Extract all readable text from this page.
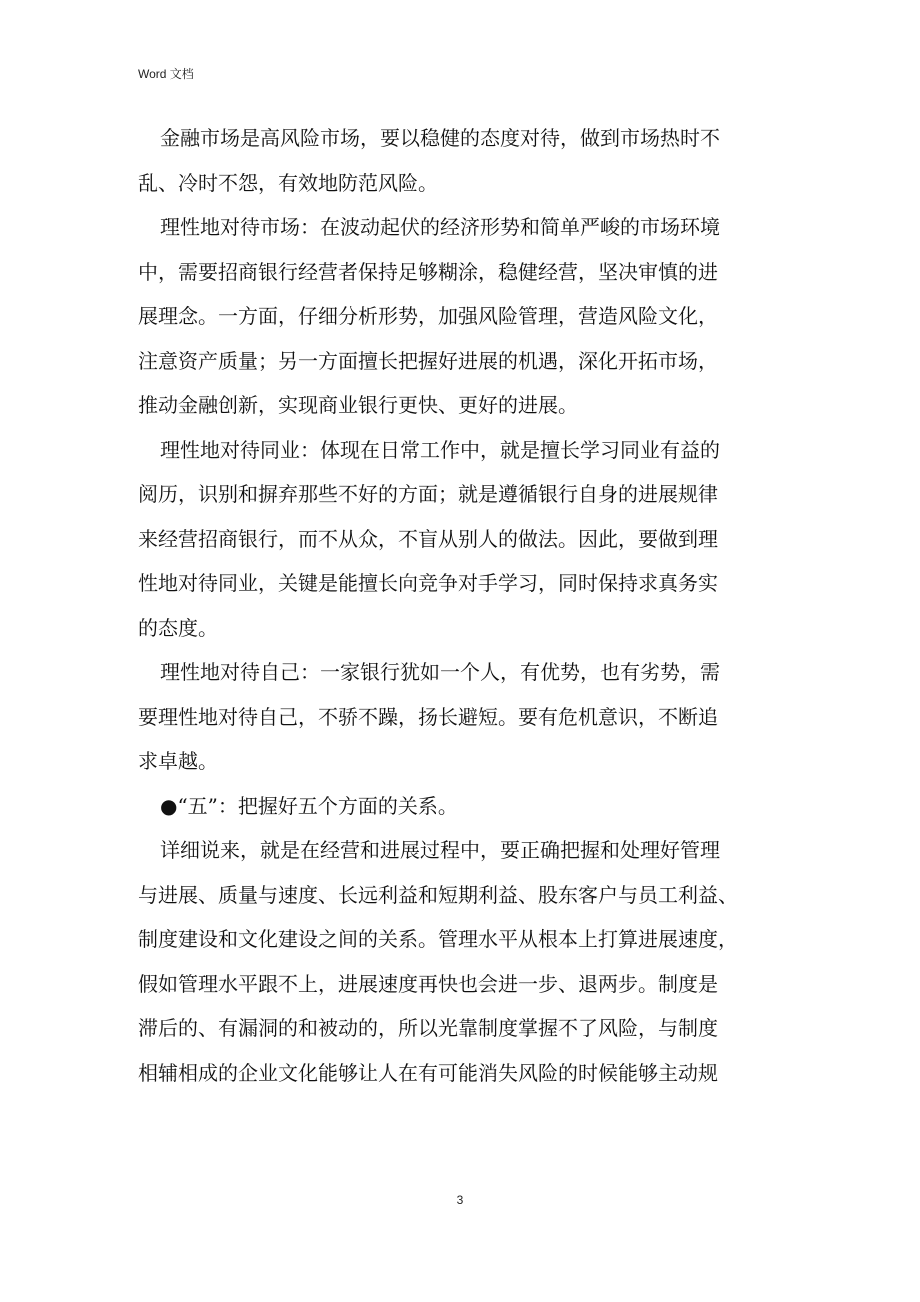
Word 文档
金融市场是高风险市场，要以稳健的态度对待，做到市场热时不
乱、冷时不怨，有效地防范风险。
理性地对待市场：在波动起伏的经济形势和简单严峻的市场环境
中，需要招商银行经营者保持足够糊涂，稳健经营，坚决审慎的进
展理念。一方面，仔细分析形势，加强风险管理，营造风险文化，
注意资产质量；另一方面擅长把握好进展的机遇，深化开拓市场，
推动金融创新，实现商业银行更快、更好的进展。
理性地对待同业：体现在日常工作中，就是擅长学习同业有益的
阅历，识别和摒弃那些不好的方面；就是遵循银行自身的进展规律
来经营招商银行，而不从众，不盲从别人的做法。因此，要做到理
性地对待同业，关键是能擅长向竞争对手学习，同时保持求真务实
的态度。
理性地对待自己：一家银行犹如一个人，有优势，也有劣势，需
要理性地对待自己，不骄不躁，扬长避短。要有危机意识，不断追
求卓越。
●“五”：把握好五个方面的关系。
详细说来，就是在经营和进展过程中，要正确把握和处理好管理
与进展、质量与速度、长远利益和短期利益、股东客户与员工利益、
制度建设和文化建设之间的关系。管理水平从根本上打算进展速度，
假如管理水平跟不上，进展速度再快也会进一步、退两步。制度是
滞后的、有漏洞的和被动的，所以光靠制度掌握不了风险，与制度
相辅相成的企业文化能够让人在有可能消失风险的时候能够主动规
3
